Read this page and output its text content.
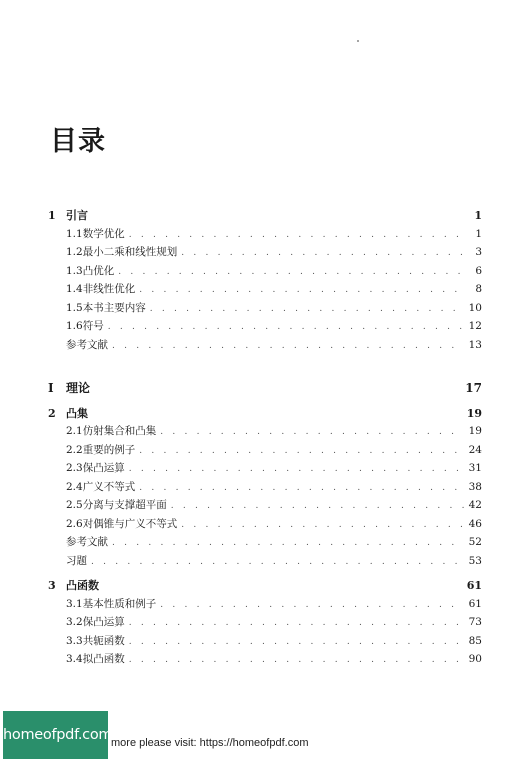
目录
1 引言	1
1.1 数学优化 . . .	1
1.2 最小二乘和线性规划 . . .	3
1.3 凸优化 . . .	6
1.4 非线性优化 . . .	8
1.5 本书主要内容 . . .	10
1.6 符号 . . .	12
参考文献 . . .	13
I	理论	17
2 凸集	19
2.1 仿射集合和凸集 . . .	19
2.2 重要的例子 . . .	24
2.3 保凸运算 . . .	31
2.4 广义不等式 . . .	38
2.5 分离与支撑超平面 . . .	42
2.6 对偶锥与广义不等式 . . .	46
参考文献 . . .	52
习题 . . .	53
3 凸函数	61
3.1 基本性质和例子 . . .	61
3.2 保凸运算 . . .	73
3.3 共轭函数 . . .	85
3.4 拟凸函数 . . .	90
homeofpdf.com
more please visit: https://homeofpdf.com
